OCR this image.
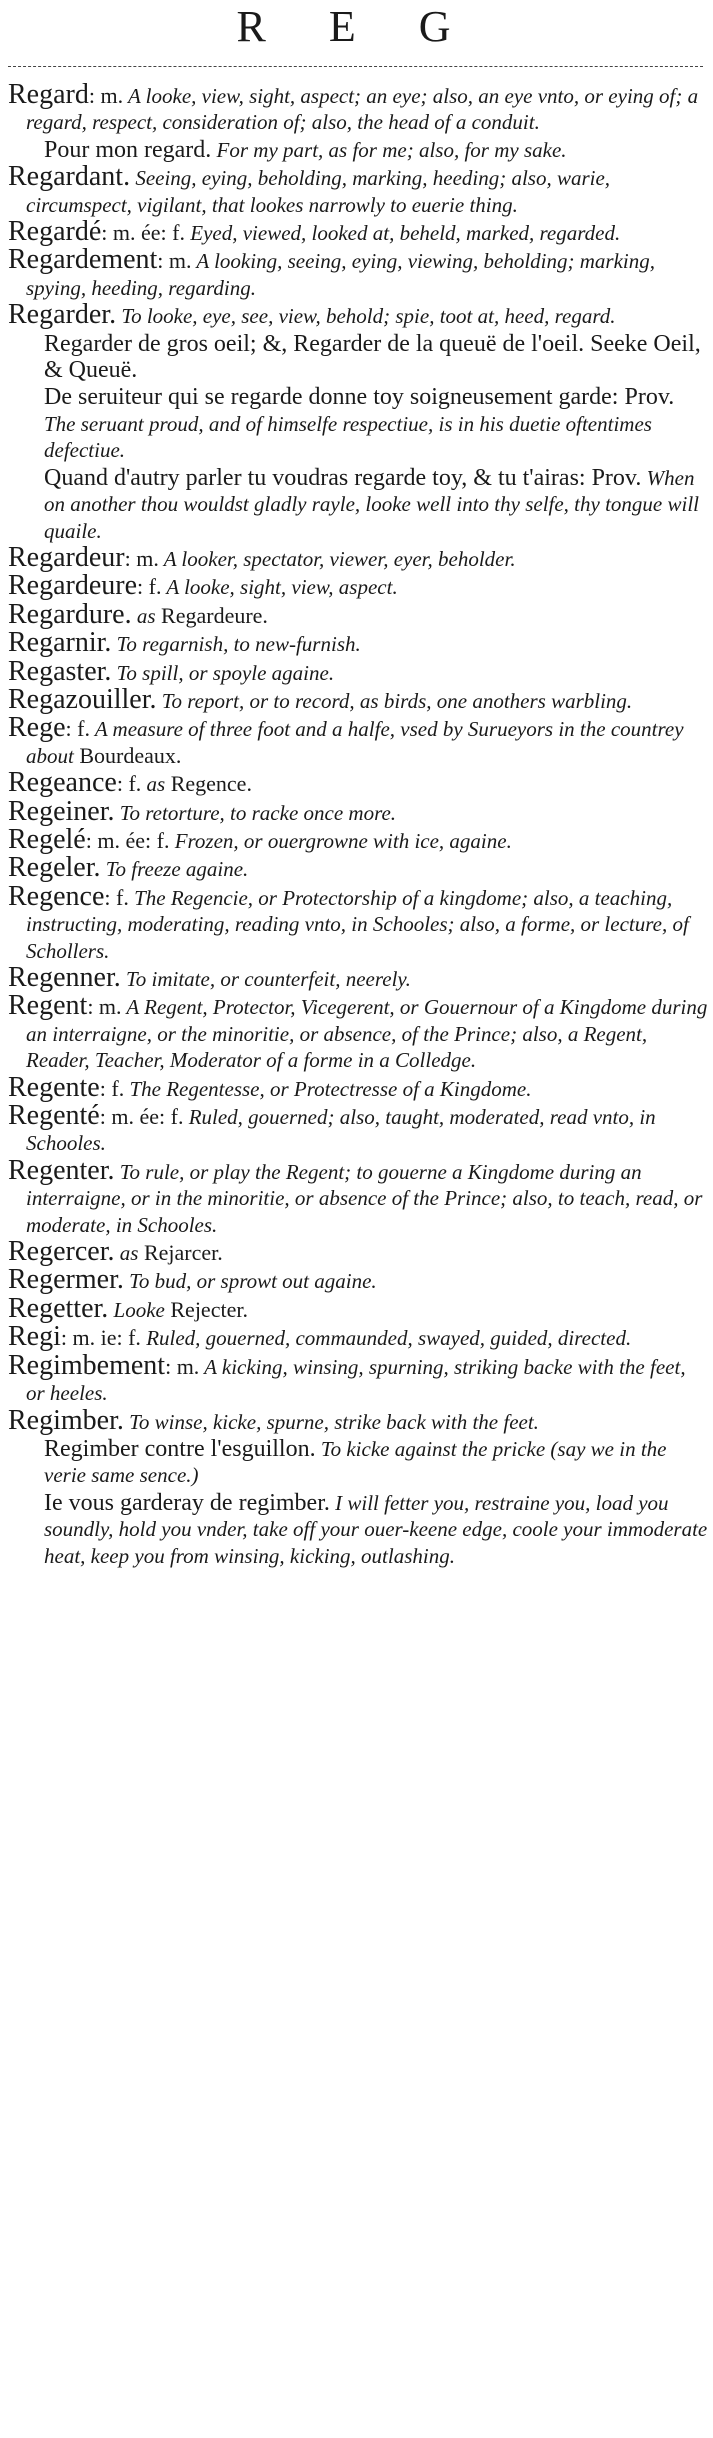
R E G
Regard: m. A looke, view, sight, aspect; an eye; also, an eye vnto, or eying of; a regard, respect, consideration of; also, the head of a conduit.
Pour mon regard. For my part, as for me; also, for my sake.
Regardant. Seeing, eying, beholding, marking, heeding; also, warie, circumspect, vigilant, that lookes narrowly to euerie thing.
Regardé: m. ée: f. Eyed, viewed, looked at, beheld, marked, regarded.
Regardement: m. A looking, seeing, eying, viewing, beholding; marking, spying, heeding, regarding.
Regarder. To looke, eye, see, view, behold; spie, toot at, heed, regard.
Regarder de gros oeil; &, Regarder de la queuë de l'oeil. Seeke Oeil, & Queuë.
De seruiteur qui se regarde donne toy soigneusement garde: Prov. The seruant proud, and of himselfe respectiue, is in his duetie oftentimes defectiue.
Quand d'autry parler tu voudras regarde toy, & tu t'airas: Prov. When on another thou wouldst gladly rayle, looke well into thy selfe, thy tongue will quaile.
Regardeur: m. A looker, spectator, viewer, eyer, beholder.
Regardeure: f. A looke, sight, view, aspect.
Regardure. as Regardeure.
Regarnir. To regarnish, to new-furnish.
Regaster. To spill, or spoyle againe.
Regazouiller. To report, or to record, as birds, one anothers warbling.
Rege: f. A measure of three foot and a halfe, vsed by Surueyors in the countrey about Bourdeaux.
Regeance: f. as Regence.
Regeiner. To retorture, to racke once more.
Regelé: m. ée: f. Frozen, or ouergrowne with ice, againe.
Regeler. To freeze againe.
Regence: f. The Regencie, or Protectorship of a kingdome; also, a teaching, instructing, moderating, reading vnto, in Schooles; also, a forme, or lecture, of Schollers.
Regenner. To imitate, or counterfeit, neerely.
Regent: m. A Regent, Protector, Vicegerent, or Gouernour of a Kingdome during an interraigne, or the minoritie, or absence, of the Prince; also, a Regent, Reader, Teacher, Moderator of a forme in a Colledge.
Regente: f. The Regentesse, or Protectresse of a Kingdome.
Regenté: m. ée: f. Ruled, gouerned; also, taught, moderated, read vnto, in Schooles.
Regenter. To rule, or play the Regent; to gouerne a Kingdome during an interraigne, or in the minoritie, or absence of the Prince; also, to teach, read, or moderate, in Schooles.
Regercer. as Rejarcer.
Regermer. To bud, or sprowt out againe.
Regetter. Looke Rejecter.
Regi: m. ie: f. Ruled, gouerned, commaunded, swayed, guided, directed.
Regimbement: m. A kicking, winsing, spurning, striking backe with the feet, or heeles.
Regimber. To winse, kicke, spurne, strike back with the feet.
Regimber contre l'esguillon. To kicke against the pricke (say we in the verie same sence.)
Ie vous garderay de regimber. I will fetter you, restraine you, load you soundly, hold you vnder, take off your ouer-keene edge, coole your immoderate heat, keep you from winsing, kicking, outlashing.
